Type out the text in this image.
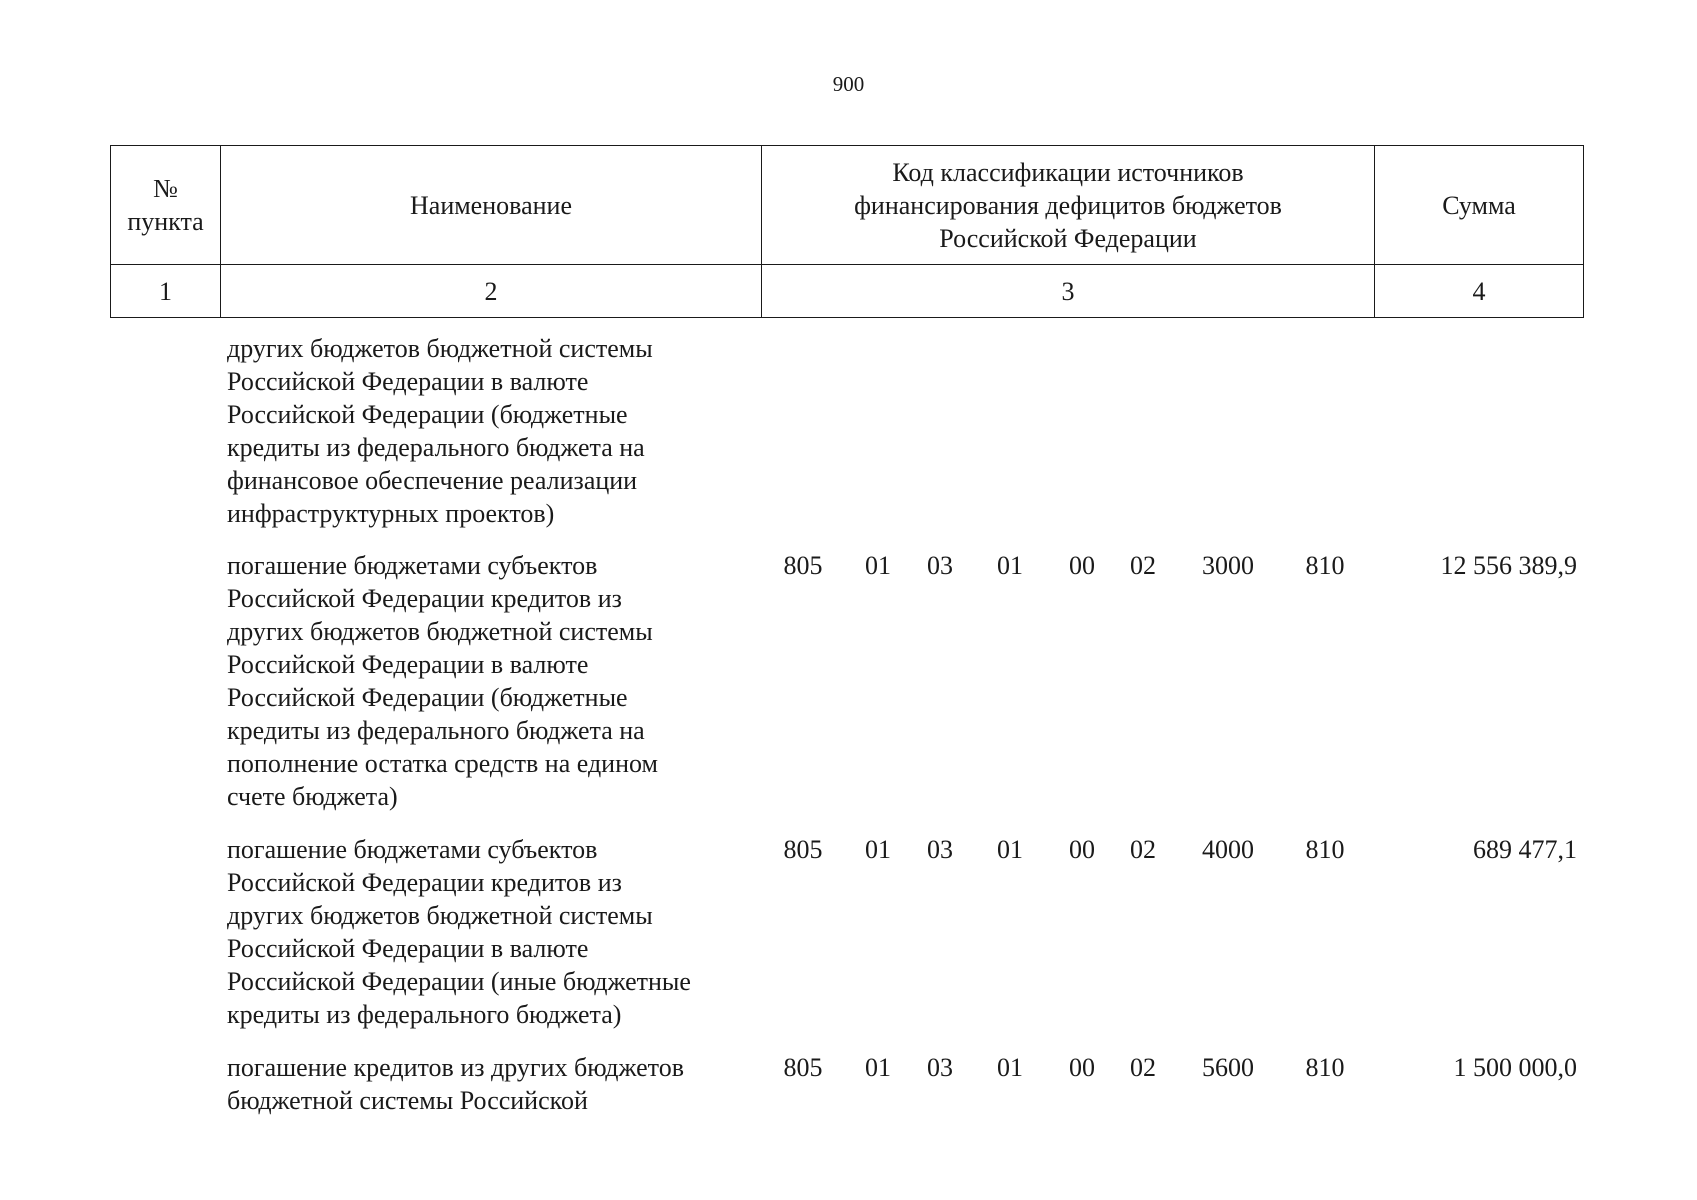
900
№
пункта	Наименование	Код классификации источников
финансирования дефицитов бюджетов
Российской Федерации	Сумма
1	2	3	4
других бюджетов бюджетной системы
Российской Федерации в валюте
Российской Федерации (бюджетные
кредиты из федерального бюджета на
финансовое обеспечение реализации
инфраструктурных проектов)
погашение бюджетами субъектов
Российской Федерации кредитов из
других бюджетов бюджетной системы
Российской Федерации в валюте
Российской Федерации (бюджетные
кредиты из федерального бюджета на
пополнение остатка средств на едином
счете бюджета)
805 01 03 01 00 02 3000 810	12 556 389,9
погашение бюджетами субъектов
Российской Федерации кредитов из
других бюджетов бюджетной системы
Российской Федерации в валюте
Российской Федерации (иные бюджетные
кредиты из федерального бюджета)
805 01 03 01 00 02 4000 810	689 477,1
погашение кредитов из других бюджетов
бюджетной системы Российской
805 01 03 01 00 02 5600 810	1 500 000,0
